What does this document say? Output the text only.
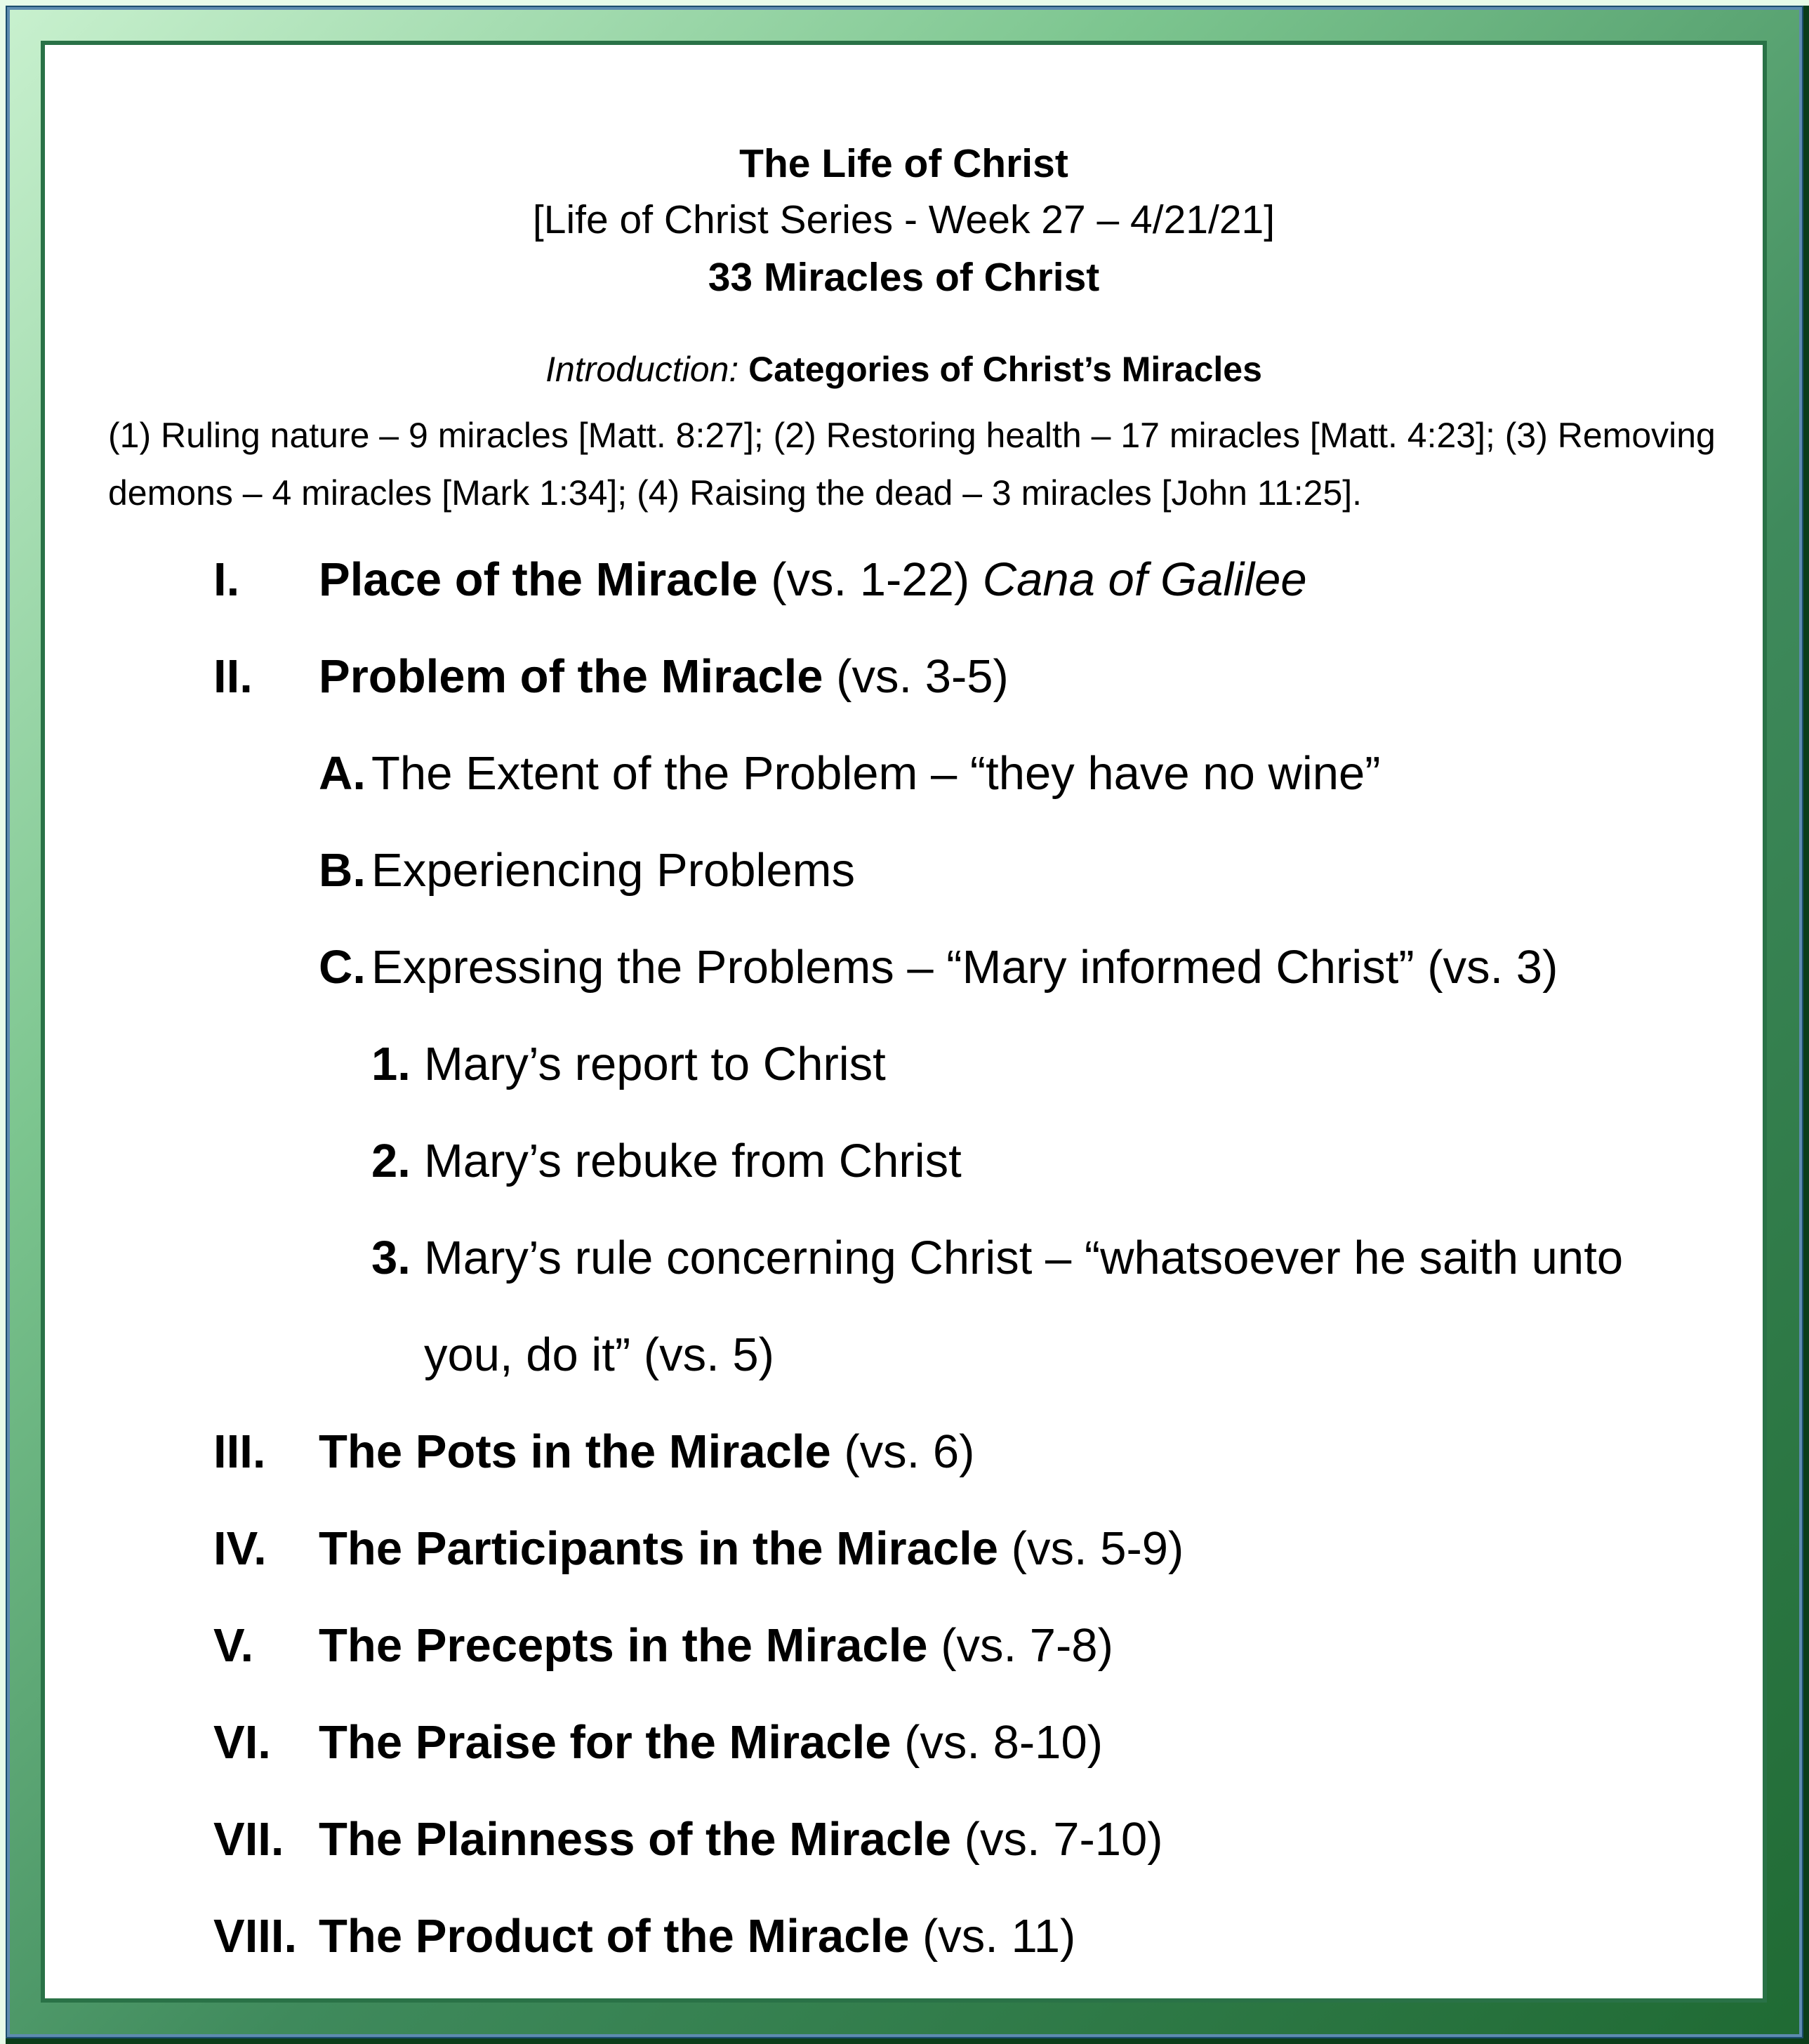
The Life of Christ
[Life of Christ Series - Week 27 – 4/21/21]
33 Miracles of Christ
Introduction: Categories of Christ’s Miracles
(1) Ruling nature – 9 miracles [Matt. 8:27]; (2) Restoring health – 17 miracles [Matt. 4:23]; (3) Removing demons – 4 miracles [Mark 1:34]; (4) Raising the dead – 3 miracles [John 11:25].
I. Place of the Miracle (vs. 1-22) Cana of Galilee
II. Problem of the Miracle (vs. 3-5)
A. The Extent of the Problem – “they have no wine”
B. Experiencing Problems
C. Expressing the Problems – “Mary informed Christ” (vs. 3)
1. Mary’s report to Christ
2. Mary’s rebuke from Christ
3. Mary’s rule concerning Christ – “whatsoever he saith unto
you, do it” (vs. 5)
III. The Pots in the Miracle (vs. 6)
IV. The Participants in the Miracle (vs. 5-9)
V. The Precepts in the Miracle (vs. 7-8)
VI. The Praise for the Miracle (vs. 8-10)
VII. The Plainness of the Miracle (vs. 7-10)
VIII. The Product of the Miracle (vs. 11)
